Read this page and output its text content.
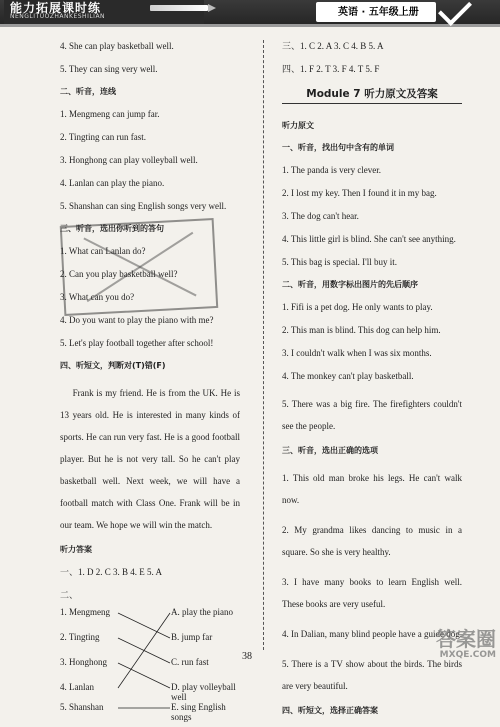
能力拓展课时练
NENGLITUOZHANKESHILIAN	英语 · 五年级上册
4. She can play basketball well.
5. They can sing very well.
二、听音，连线
1. Mengmeng can jump far.
2. Tingting can run fast.
3. Honghong can play volleyball well.
4. Lanlan can play the piano.
5. Shanshan can sing English songs very well.
三、听音，选出你听到的答句
1. What can Lanlan do?
2. Can you play basketball well?
3. What can you do?
4. Do you want to play the piano with me?
5. Let's play football together after school!
四、听短文，判断对(T)错(F)
Frank is my friend. He is from the UK. He is 13 years old. He is interested in many kinds of sports. He can run very fast. He is a good football player. But he is not very tall. So he can't play basketball well. Next week, we will have a football match with Class One. Frank will be in our team. We hope we will win the match.
听力答案
一、1. D 2. C 3. B 4. E 5. A
二、
1. Mengmeng
2. Tingting
3. Honghong
4. Lanlan
5. Shanshan
A. play the piano
B. jump far
C. run fast
D. play volleyball well
E. sing English songs
三、1. C 2. A 3. C 4. B 5. A
四、1. F 2. T 3. F 4. T 5. F
Module 7 听力原文及答案
听力原文
一、听音，找出句中含有的单词
1. The panda is very clever.
2. I lost my key. Then I found it in my bag.
3. The dog can't hear.
4. This little girl is blind. She can't see anything.
5. This bag is special. I'll buy it.
二、听音，用数字标出图片的先后顺序
1. Fifi is a pet dog. He only wants to play.
2. This man is blind. This dog can help him.
3. I couldn't walk when I was six months.
4. The monkey can't play basketball.
5. There was a big fire. The firefighters couldn't see the people.
三、听音，选出正确的选项
1. This old man broke his legs. He can't walk now.
2. My grandma likes dancing to music in a square. So she is very healthy.
3. I have many books to learn English well. These books are very useful.
4. In Dalian, many blind people have a guide dog.
5. There is a TV show about the birds. The birds are very beautiful.
四、听短文，选择正确答案
38
答案圈
MXQE.COM
